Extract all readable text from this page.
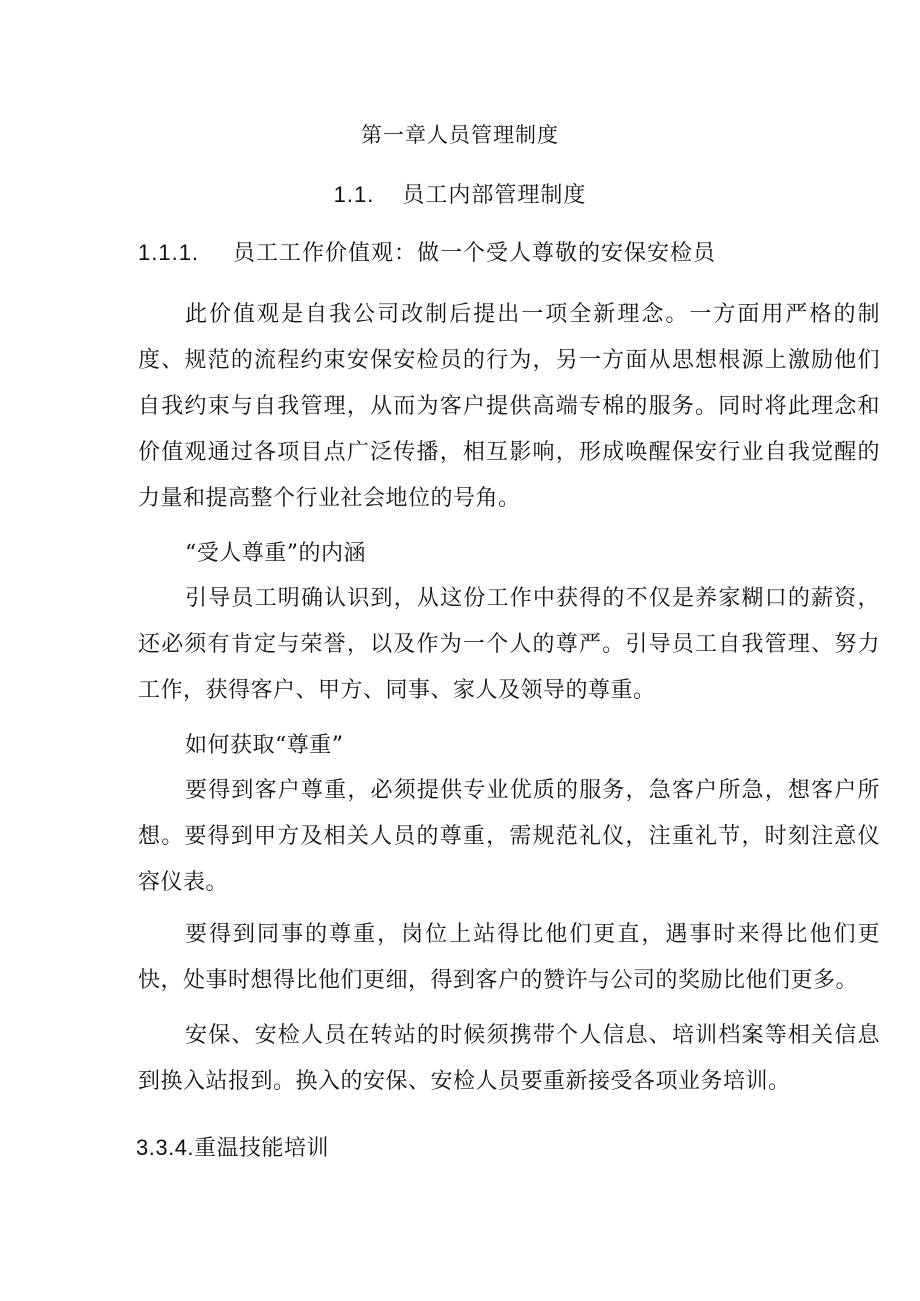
第一章人员管理制度
1.1. 员工内部管理制度
1.1.1. 员工工作价值观：做一个受人尊敬的安保安检员
此价值观是自我公司改制后提出一项全新理念。一方面用严格的制度、规范的流程约束安保安检员的行为，另一方面从思想根源上激励他们自我约束与自我管理，从而为客户提供高端专棉的服务。同时将此理念和价值观通过各项目点广泛传播，相互影响，形成唤醒保安行业自我觉醒的力量和提高整个行业社会地位的号角。
“受人尊重”的内涵
引导员工明确认识到，从这份工作中获得的不仅是养家糊口的薪资，还必须有肯定与荣誉，以及作为一个人的尊严。引导员工自我管理、努力工作，获得客户、甲方、同事、家人及领导的尊重。
如何获取“尊重”
要得到客户尊重，必须提供专业优质的服务，急客户所急，想客户所想。要得到甲方及相关人员的尊重，需规范礼仪，注重礼节，时刻注意仪容仪表。
要得到同事的尊重，岗位上站得比他们更直，遇事时来得比他们更快，处事时想得比他们更细，得到客户的赞许与公司的奖励比他们更多。
安保、安检人员在转站的时候须携带个人信息、培训档案等相关信息到换入站报到。换入的安保、安检人员要重新接受各项业务培训。
3.3.4.重温技能培训
